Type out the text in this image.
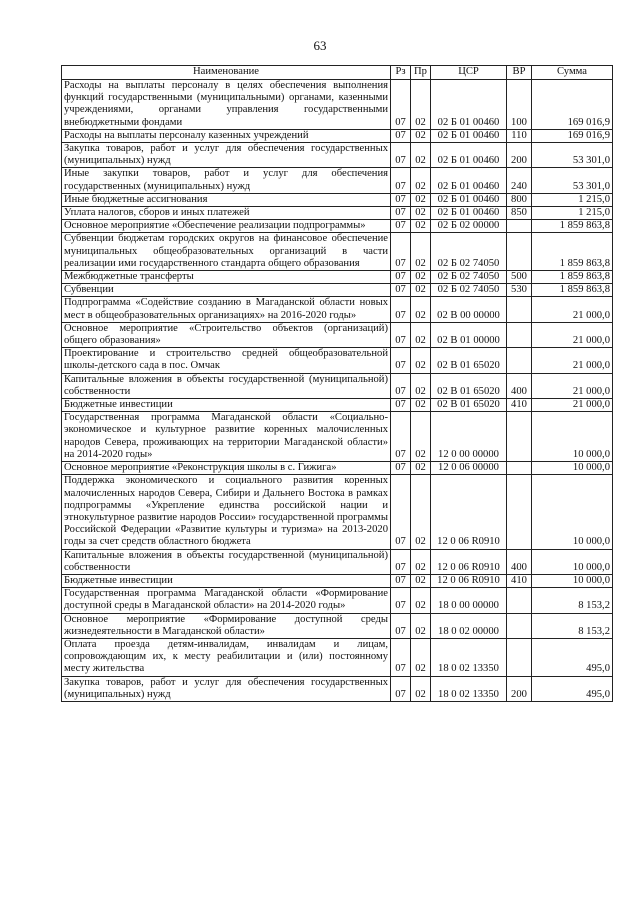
63
Наименование	Рз	Пр	ЦСР	ВР	Сумма
Расходы на выплаты персоналу в целях обеспечения выполнения функций государственными (муниципальными) органами, казенными учреждениями, органами управления государственными внебюджетными фондами	07	02	02 Б 01 00460	100	169 016,9
Расходы на выплаты персоналу казенных учреждений	07	02	02 Б 01 00460	110	169 016,9
Закупка товаров, работ и услуг для обеспечения государственных (муниципальных) нужд	07	02	02 Б 01 00460	200	53 301,0
Иные закупки товаров, работ и услуг для обеспечения государственных (муниципальных) нужд	07	02	02 Б 01 00460	240	53 301,0
Иные бюджетные ассигнования	07	02	02 Б 01 00460	800	1 215,0
Уплата налогов, сборов и иных платежей	07	02	02 Б 01 00460	850	1 215,0
Основное мероприятие «Обеспечение реализации подпрограммы»	07	02	02 Б 02 00000		1 859 863,8
Субвенции бюджетам городских округов на финансовое обеспечение муниципальных общеобразовательных организаций в части реализации ими государственного стандарта общего образования	07	02	02 Б 02 74050		1 859 863,8
Межбюджетные трансферты	07	02	02 Б 02 74050	500	1 859 863,8
Субвенции	07	02	02 Б 02 74050	530	1 859 863,8
Подпрограмма «Содействие созданию в Магаданской области новых мест в общеобразовательных организациях» на 2016-2020 годы»	07	02	02 В 00 00000		21 000,0
Основное мероприятие «Строительство объектов (организаций) общего образования»	07	02	02 В 01 00000		21 000,0
Проектирование и строительство средней общеобразовательной школы-детского сада в пос. Омчак	07	02	02 В 01 65020		21 000,0
Капитальные вложения в объекты государственной (муниципальной) собственности	07	02	02 В 01 65020	400	21 000,0
Бюджетные инвестиции	07	02	02 В 01 65020	410	21 000,0
Государственная программа Магаданской области «Социально-экономическое и культурное развитие коренных малочисленных народов Севера, проживающих на территории Магаданской области» на 2014-2020 годы»	07	02	12 0 00 00000		10 000,0
Основное мероприятие «Реконструкция школы в с. Гижига»	07	02	12 0 06 00000		10 000,0
Поддержка экономического и социального развития коренных малочисленных народов Севера, Сибири и Дальнего Востока в рамках подпрограммы «Укрепление единства российской нации и этнокультурное развитие народов России» государственной программы Российской Федерации «Развитие культуры и туризма» на 2013-2020 годы за счет средств областного бюджета	07	02	12 0 06 R0910		10 000,0
Капитальные вложения в объекты государственной (муниципальной) собственности	07	02	12 0 06 R0910	400	10 000,0
Бюджетные инвестиции	07	02	12 0 06 R0910	410	10 000,0
Государственная программа Магаданской области «Формирование доступной среды в Магаданской области» на 2014-2020 годы»	07	02	18 0 00 00000		8 153,2
Основное мероприятие «Формирование доступной среды жизнедеятельности в Магаданской области»	07	02	18 0 02 00000		8 153,2
Оплата проезда детям-инвалидам, инвалидам и лицам, сопровождающим их, к месту реабилитации и (или) постоянному месту жительства	07	02	18 0 02 13350		495,0
Закупка товаров, работ и услуг для обеспечения государственных (муниципальных) нужд	07	02	18 0 02 13350	200	495,0
